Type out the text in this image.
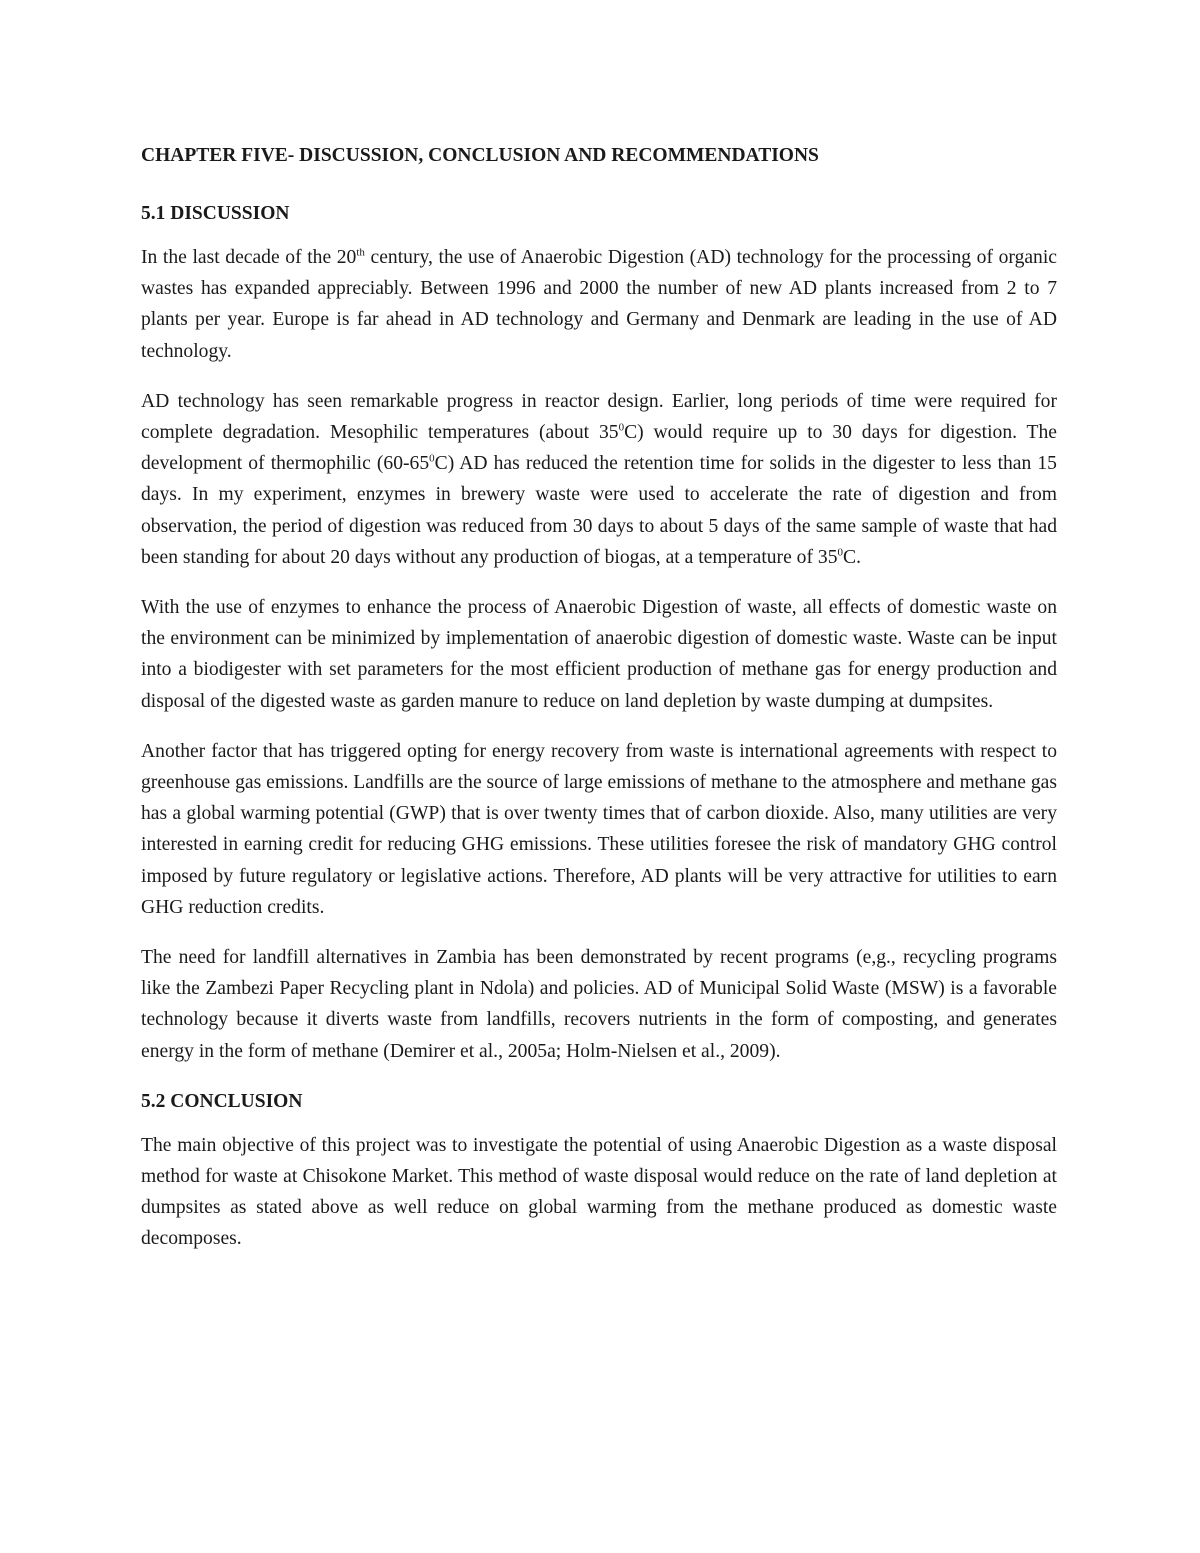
CHAPTER FIVE- DISCUSSION, CONCLUSION AND RECOMMENDATIONS
5.1 DISCUSSION

In the last decade of the 20th century, the use of Anaerobic Digestion (AD) technology for the processing of organic wastes has expanded appreciably. Between 1996 and 2000 the number of new AD plants increased from 2 to 7 plants per year. Europe is far ahead in AD technology and Germany and Denmark are leading in the use of AD technology.

AD technology has seen remarkable progress in reactor design. Earlier, long periods of time were required for complete degradation. Mesophilic temperatures (about $35^0C$) would require up to 30 days for digestion. The development of thermophilic $(60-65^0C)$ AD has reduced the retention time for solids in the digester to less than 15 days. In my experiment, enzymes in brewery waste were used to accelerate the rate of digestion and from observation, the period of digestion was reduced from 30 days to about 5 days of the same sample of waste that had been standing for about 20 days without any production of biogas, at a temperature of $35^0C$.

With the use of enzymes to enhance the process of Anaerobic Digestion of waste, all effects of domestic waste on the environment can be minimized by implementation of anaerobic digestion of domestic waste. Waste can be input into a biodigester with set parameters for the most efficient production of methane gas for energy production and disposal of the digested waste as garden manure to reduce on land depletion by waste dumping at dumpsites.

Another factor that has triggered opting for energy recovery from waste is international agreements with respect to greenhouse gas emissions. Landfills are the source of large emissions of methane to the atmosphere and methane gas has a global warming potential (GWP) that is over twenty times that of carbon dioxide. Also, many utilities are very interested in earning credit for reducing GHG emissions. These utilities foresee the risk of mandatory GHG control imposed by future regulatory or legislative actions. Therefore, AD plants will be very attractive for utilities to earn GHG reduction credits.

The need for landfill alternatives in Zambia has been demonstrated by recent programs (e,g., recycling programs like the Zambezi Paper Recycling plant in Ndola) and policies. AD of Municipal Solid Waste (MSW) is a favorable technology because it diverts waste from landfills, recovers nutrients in the form of composting, and generates energy in the form of methane (Demirer et al., 2005a; Holm-Nielsen et al., 2009).

5.2 CONCLUSION

The main objective of this project was to investigate the potential of using Anaerobic Digestion as a waste disposal method for waste at Chisokone Market. This method of waste disposal would reduce on the rate of land depletion at dumpsites as stated above as well reduce on global warming from the methane produced as domestic waste decomposes.
